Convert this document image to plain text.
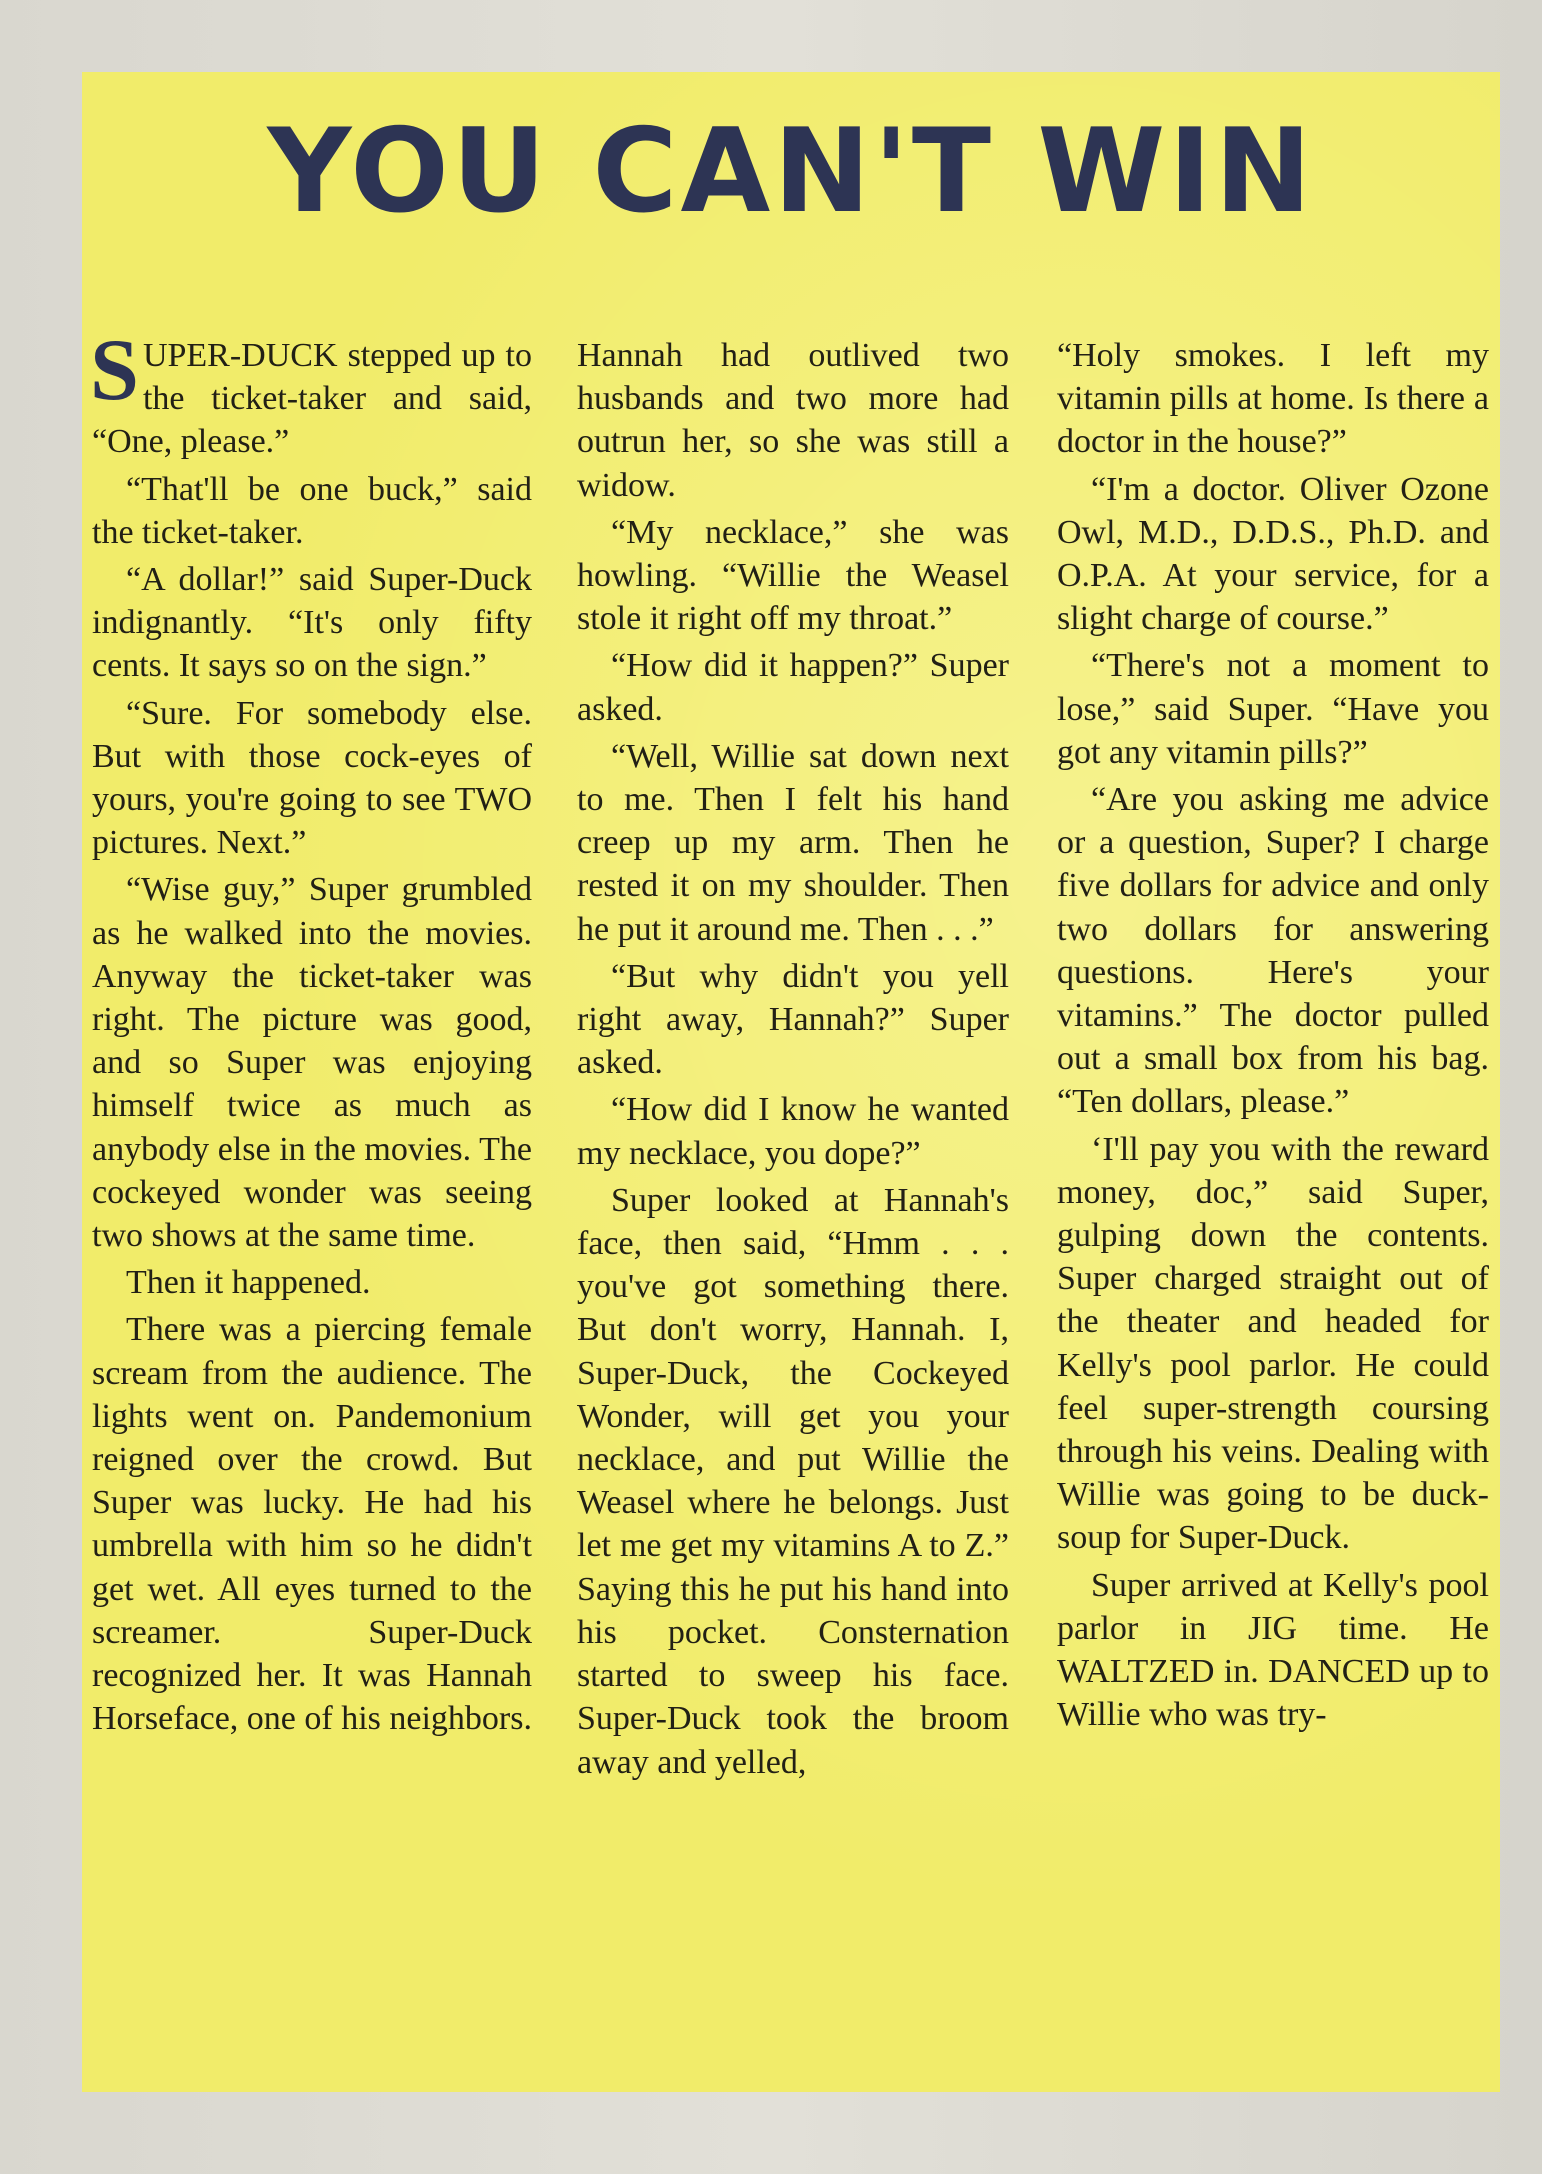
YOU CAN'T WIN

SUPER-DUCK stepped up to the ticket-taker and said, “One, please.”

“That'll be one buck,” said the ticket-taker.

“A dollar!” said Super-Duck indignantly. “It's only fifty cents. It says so on the sign.”

“Sure. For somebody else. But with those cock-eyes of yours, you're going to see TWO pictures. Next.”

“Wise guy,” Super grumbled as he walked into the movies. Anyway the ticket-taker was right. The picture was good, and so Super was enjoying himself twice as much as anybody else in the movies. The cockeyed wonder was seeing two shows at the same time.

Then it happened.

There was a piercing female scream from the audience. The lights went on. Pandemonium reigned over the crowd. But Super was lucky. He had his umbrella with him so he didn't get wet. All eyes turned to the screamer. Super-Duck recognized her. It was Hannah Horseface, one of his neighbors.

Hannah had outlived two husbands and two more had outrun her, so she was still a widow.

“My necklace,” she was howling. “Willie the Weasel stole it right off my throat.”

“How did it happen?” Super asked.

“Well, Willie sat down next to me. Then I felt his hand creep up my arm. Then he rested it on my shoulder. Then he put it around me. Then . . .”

“But why didn't you yell right away, Hannah?” Super asked.

“How did I know he wanted my necklace, you dope?”

Super looked at Hannah's face, then said, “Hmm . . . you've got something there. But don't worry, Hannah. I, Super-Duck, the Cockeyed Wonder, will get you your necklace, and put Willie the Weasel where he belongs. Just let me get my vitamins A to Z.” Saying this he put his hand into his pocket. Consternation started to sweep his face. Super-Duck took the broom away and yelled,

“Holy smokes. I left my vitamin pills at home. Is there a doctor in the house?”

“I'm a doctor. Oliver Ozone Owl, M.D., D.D.S., Ph.D. and O.P.A. At your service, for a slight charge of course.”

“There's not a moment to lose,” said Super. “Have you got any vitamin pills?”

“Are you asking me advice or a question, Super? I charge five dollars for advice and only two dollars for answering questions. Here's your vitamins.” The doctor pulled out a small box from his bag. “Ten dollars, please.”

‘I'll pay you with the reward money, doc,” said Super, gulping down the contents. Super charged straight out of the theater and headed for Kelly's pool parlor. He could feel super-strength coursing through his veins. Dealing with Willie was going to be duck-soup for Super-Duck.

Super arrived at Kelly's pool parlor in JIG time. He WALTZED in. DANCED up to Willie who was try-
